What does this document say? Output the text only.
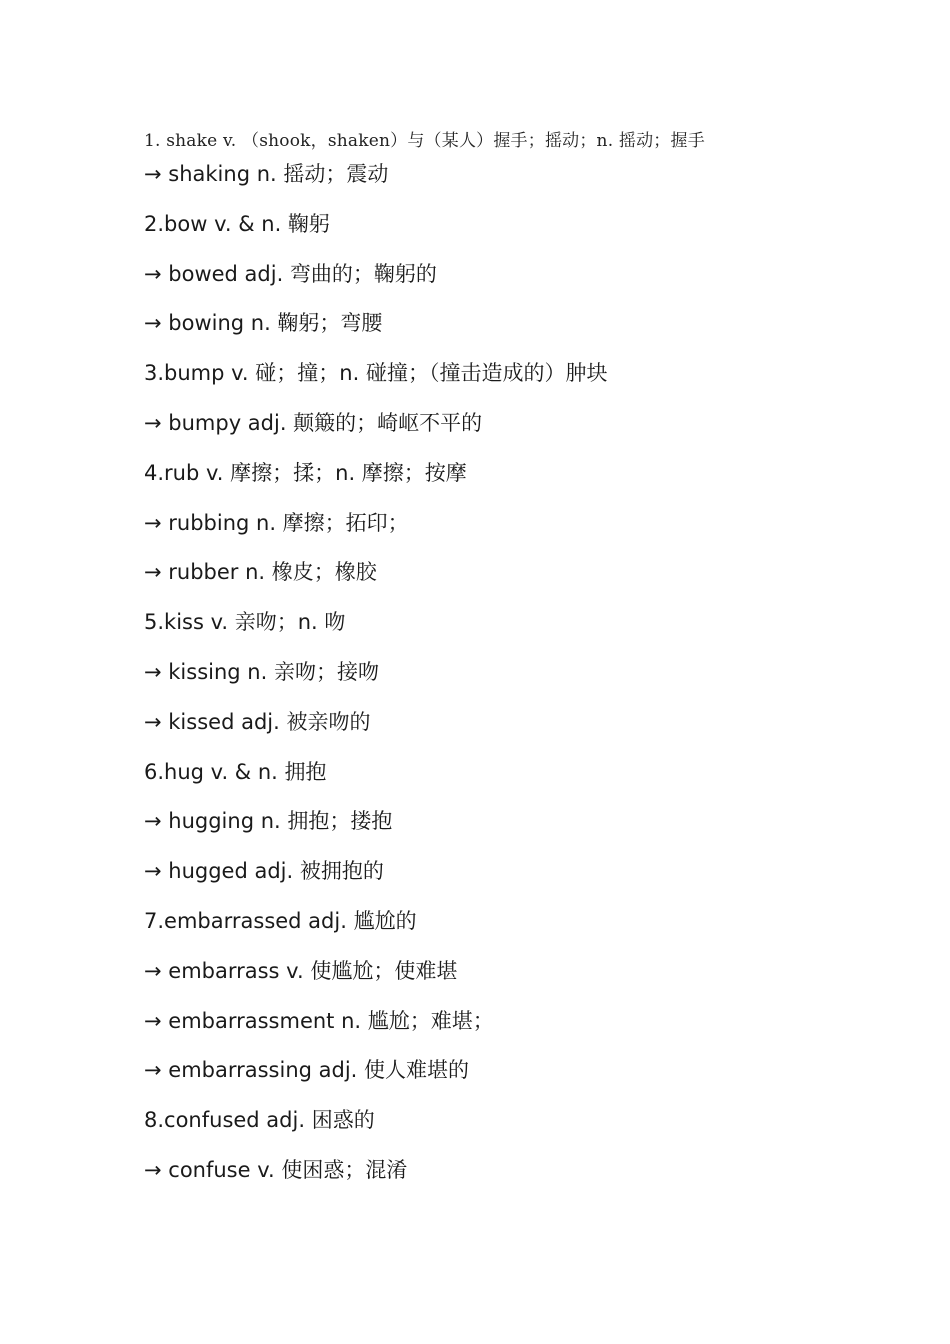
1. shake v. （shook，shaken）与（某人）握手；摇动；n. 摇动；握手
→ shaking n. 摇动；震动
2.bow v. & n. 鞠躬
→ bowed adj. 弯曲的；鞠躬的
→ bowing n. 鞠躬；弯腰
3.bump v. 碰；撞；n. 碰撞；（撞击造成的）肿块
→ bumpy adj. 颠簸的；崎岖不平的
4.rub v. 摩擦；揉；n. 摩擦；按摩
→ rubbing n. 摩擦；拓印；
→ rubber n. 橡皮；橡胶
5.kiss v. 亲吻；n. 吻
→ kissing n. 亲吻；接吻
→ kissed adj. 被亲吻的
6.hug v. & n. 拥抱
→ hugging n. 拥抱；搂抱
→ hugged adj. 被拥抱的
7.embarrassed adj. 尴尬的
→ embarrass v. 使尴尬；使难堪
→ embarrassment n. 尴尬；难堪；
→ embarrassing adj. 使人难堪的
8.confused adj. 困惑的
→ confuse v. 使困惑；混淆
